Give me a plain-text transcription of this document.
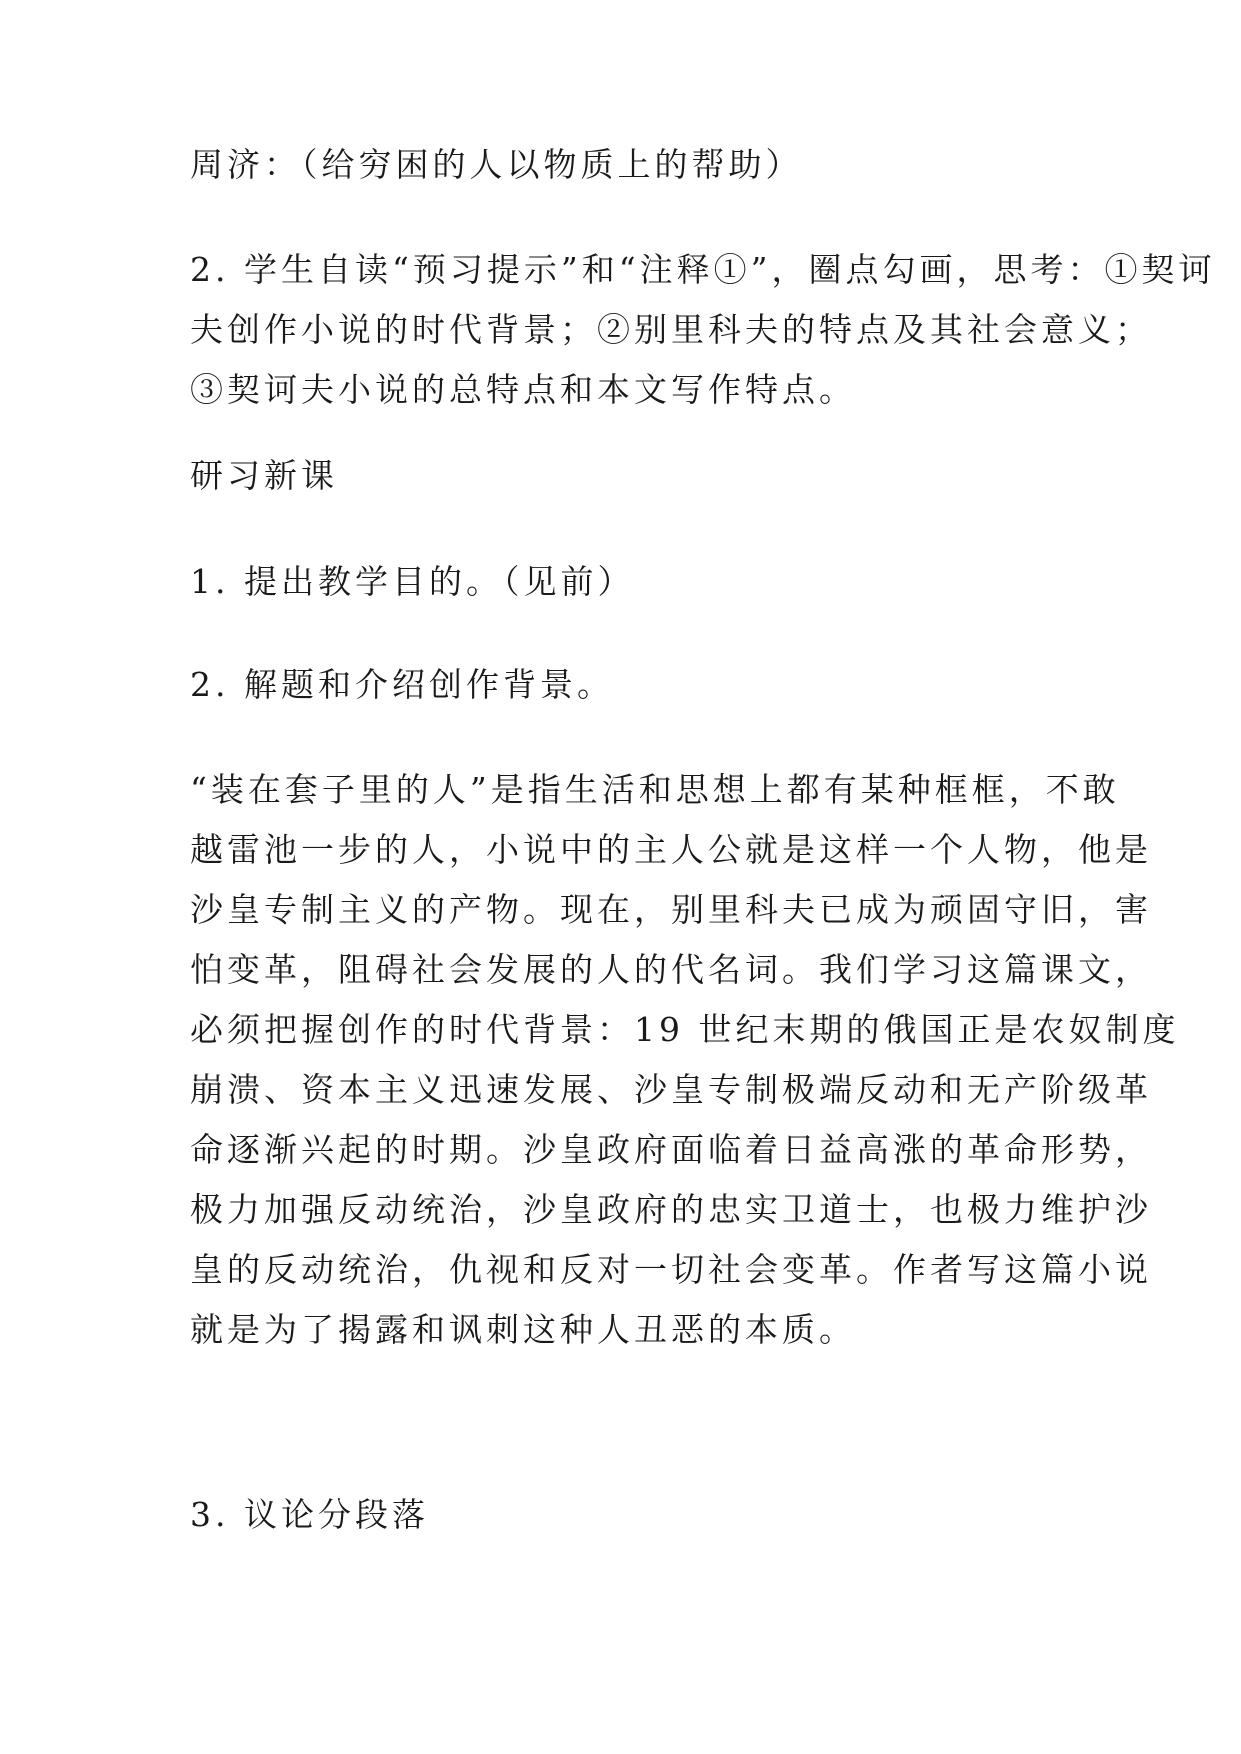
周济：（给穷困的人以物质上的帮助）

2. 学生自读“预习提示”和“注释①”，圈点勾画，思考：①契诃
夫创作小说的时代背景；②别里科夫的特点及其社会意义；
③契诃夫小说的总特点和本文写作特点。

研习新课

1. 提出教学目的。（见前）

2. 解题和介绍创作背景。

“装在套子里的人”是指生活和思想上都有某种框框，不敢
越雷池一步的人，小说中的主人公就是这样一个人物，他是
沙皇专制主义的产物。现在，别里科夫已成为顽固守旧，害
怕变革，阻碍社会发展的人的代名词。我们学习这篇课文，
必须把握创作的时代背景：19 世纪末期的俄国正是农奴制度
崩溃、资本主义迅速发展、沙皇专制极端反动和无产阶级革
命逐渐兴起的时期。沙皇政府面临着日益高涨的革命形势，
极力加强反动统治，沙皇政府的忠实卫道士，也极力维护沙
皇的反动统治，仇视和反对一切社会变革。作者写这篇小说
就是为了揭露和讽刺这种人丑恶的本质。

3. 议论分段落
